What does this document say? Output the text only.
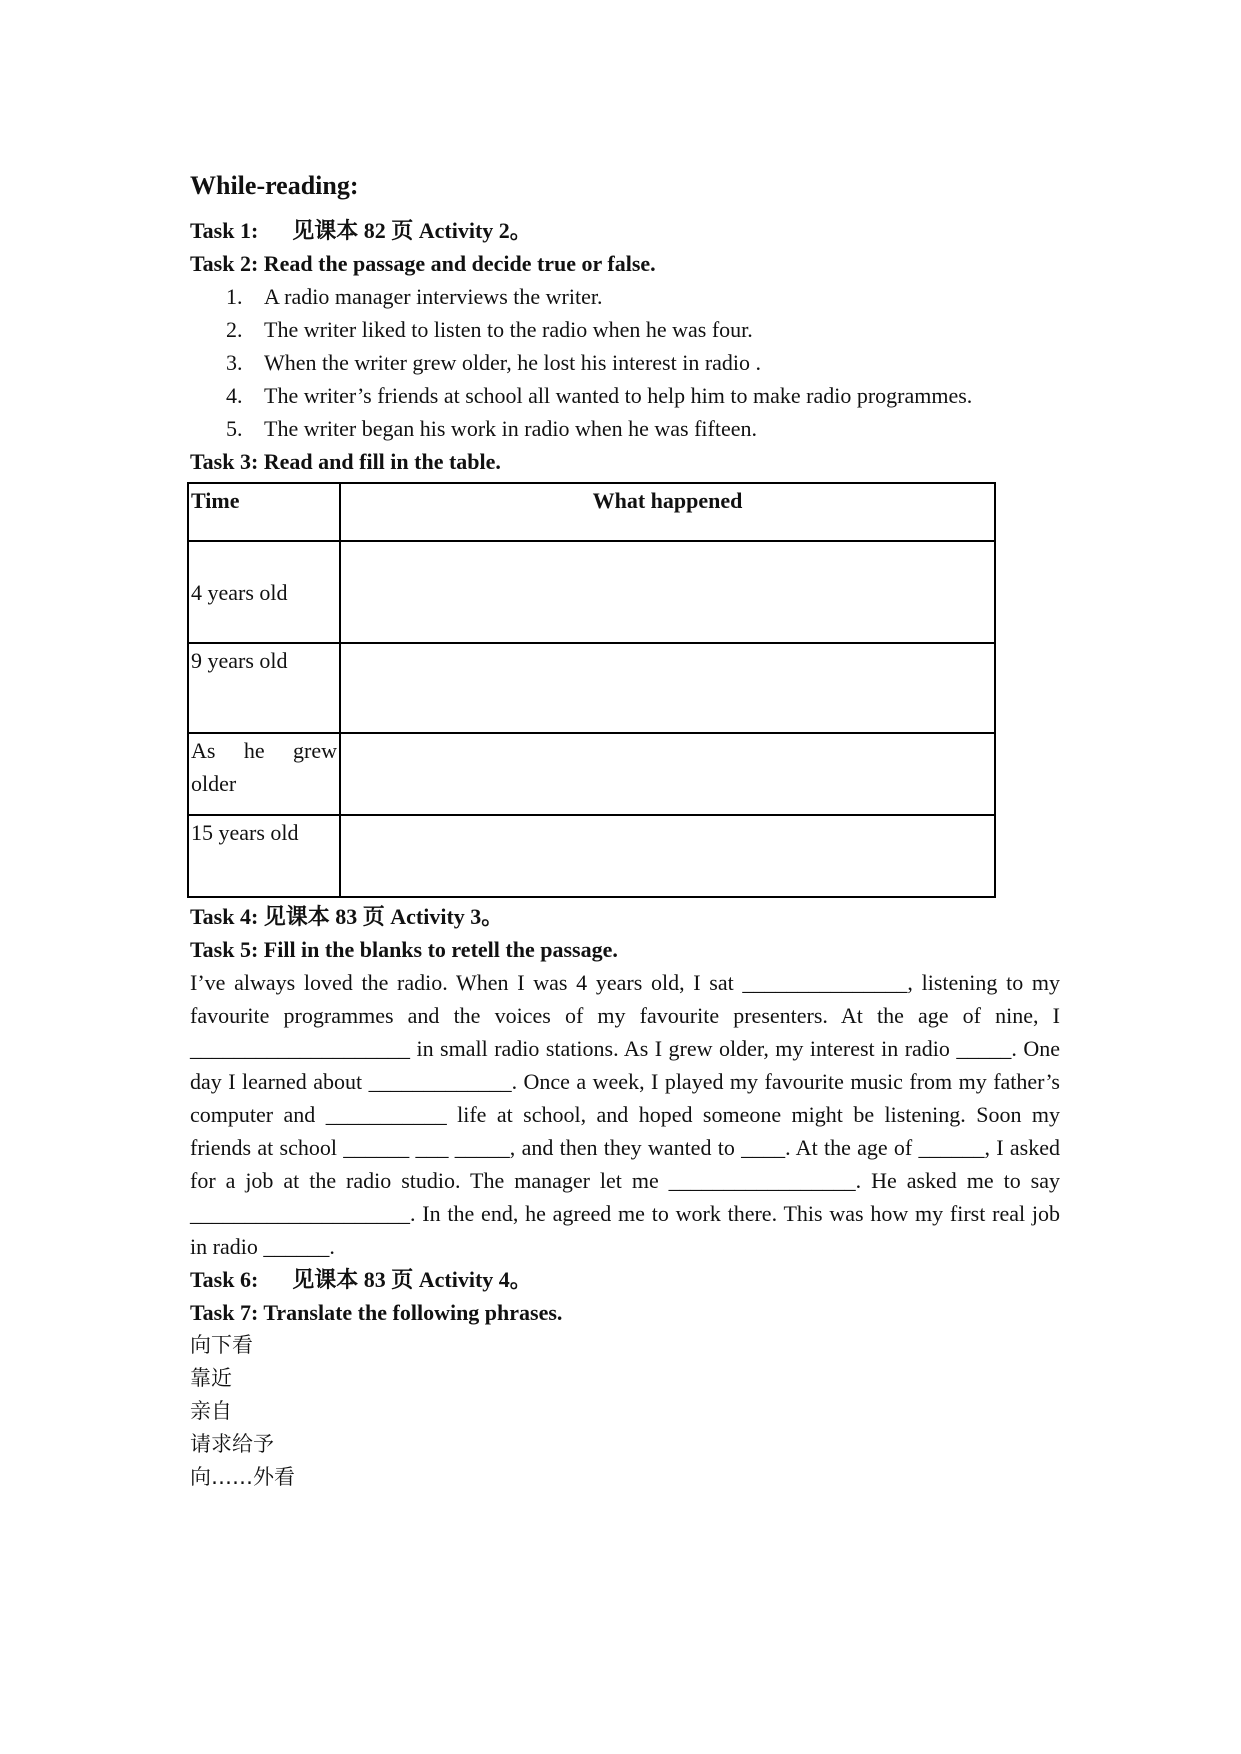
While-reading:
Task 1: 见课本 82 页 Activity 2。
Task 2: Read the passage and decide true or false.
1. A radio manager interviews the writer.
2. The writer liked to listen to the radio when he was four.
3. When the writer grew older, he lost his interest in radio .
4. The writer’s friends at school all wanted to help him to make radio programmes.
5. The writer began his work in radio when he was fifteen.
Task 3: Read and fill in the table.
Time	What happened
4 years old	
9 years old	
As he grew older	
15 years old	
Task 4: 见课本 83 页 Activity 3。
Task 5: Fill in the blanks to retell the passage.

I’ve always loved the radio. When I was 4 years old, I sat _______________, listening to my favourite programmes and the voices of my favourite presenters. At the age of nine, I ____________________ in small radio stations. As I grew older, my interest in radio _____. One day I learned about _____________. Once a week, I played my favourite music from my father’s computer and ___________ life at school, and hoped someone might be listening. Soon my friends at school ______ ___ _____, and then they wanted to ____. At the age of ______, I asked for a job at the radio studio. The manager let me _________________. He asked me to say ____________________. In the end, he agreed me to work there. This was how my first real job in radio ______.

Task 6: 见课本 83 页 Activity 4。
Task 7: Translate the following phrases.
向下看
靠近
亲自
请求给予
向……外看
